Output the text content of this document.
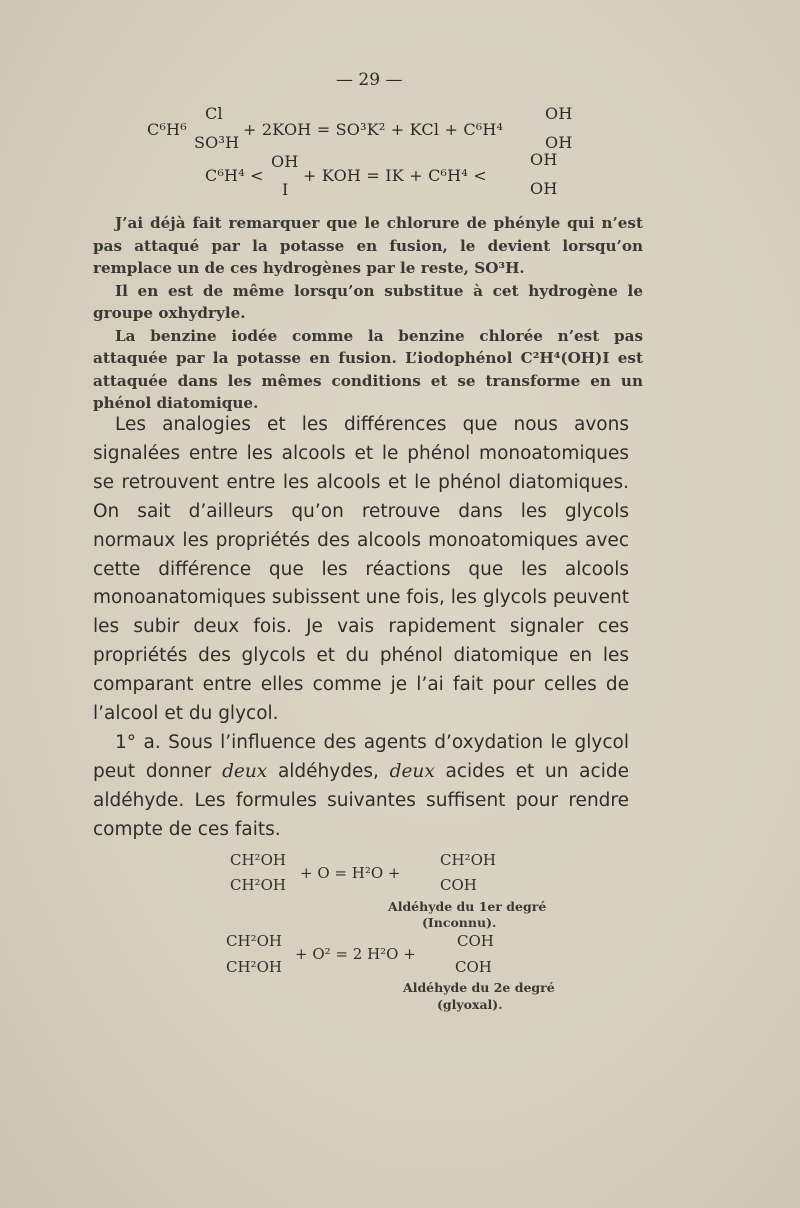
— 29 —
C⁶H⁶
Cl
SO³H
+ 2KOH = SO³K² + KCl + C⁶H⁴
OH
OH
C⁶H⁴ <
OH
I
+ KOH = IK + C⁶H⁴ <
OH
OH

J’ai déjà fait remarquer que le chlorure de phényle qui n’est pas attaqué par la potasse en fusion, le devient lorsqu’on remplace un de ces hydrogènes par le reste, SO³H.

Il en est de même lorsqu’on substitue à cet hydrogène le groupe oxhydryle.

La benzine iodée comme la benzine chlorée n’est pas attaquée par la potasse en fusion. L’iodophénol C²H⁴(OH)I est attaquée dans les mêmes conditions et se transforme en un phénol diatomique.

Les analogies et les différences que nous avons signalées entre les alcools et le phénol monoatomiques se retrouvent entre les alcools et le phénol diatomiques. On sait d’ailleurs qu’on retrouve dans les glycols normaux les propriétés des alcools monoatomiques avec cette différence que les réactions que les alcools monoanatomiques subissent une fois, les glycols peuvent les subir deux fois. Je vais rapidement signaler ces propriétés des glycols et du phénol diatomique en les comparant entre elles comme je l’ai fait pour celles de l’alcool et du glycol.

1° a. Sous l’influence des agents d’oxydation le glycol peut donner deux aldéhydes, deux acides et un acide aldéhyde. Les formules suivantes suffisent pour rendre compte de ces faits.

CH²OH
CH²OH
+ O = H²O +
CH²OH
COH
Aldéhyde du 1er degré
(Inconnu).
CH²OH
CH²OH
+ O² = 2 H²O +
COH
COH
Aldéhyde du 2e degré
(glyoxal).
